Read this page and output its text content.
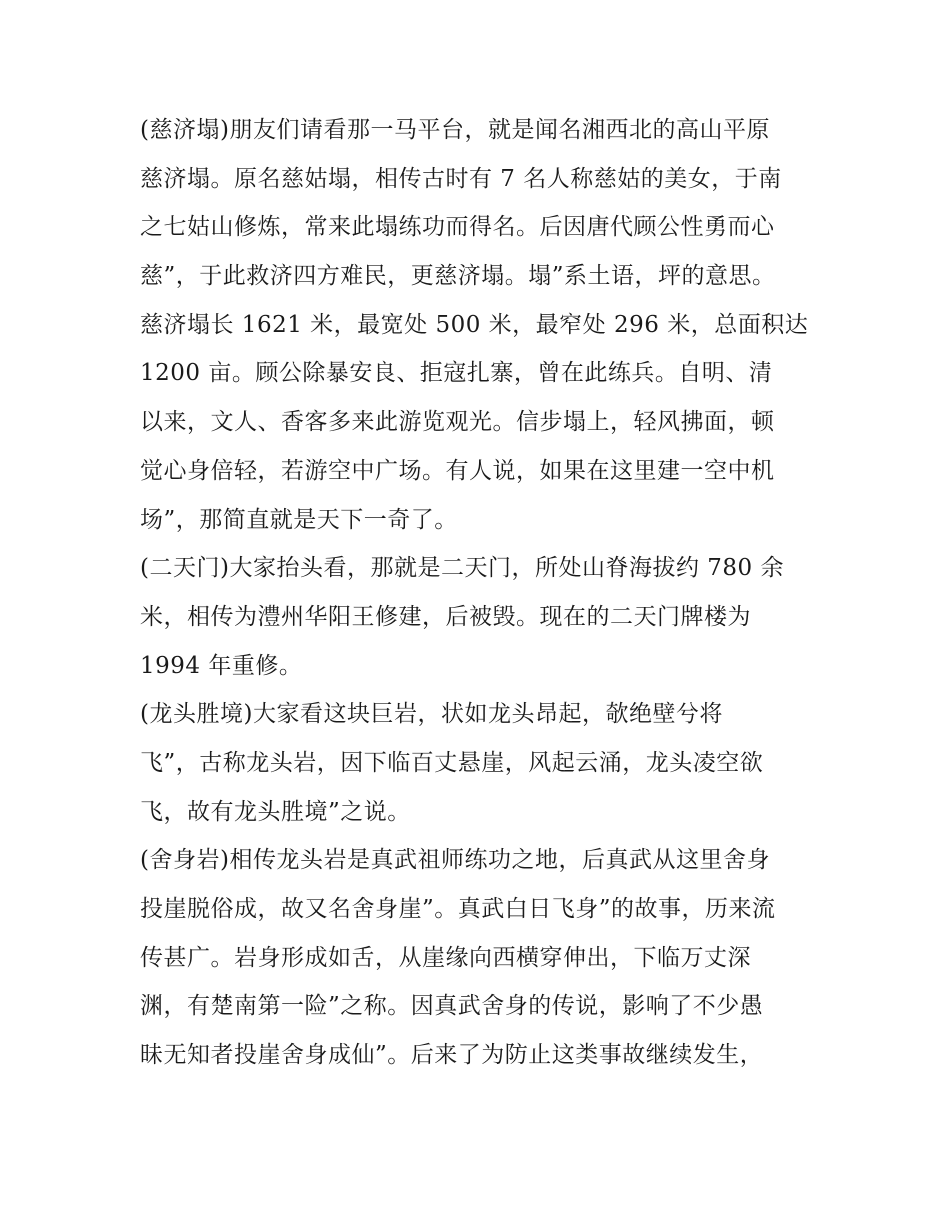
(慈济塌)朋友们请看那一马平台，就是闻名湘西北的高山平原
慈济塌。原名慈姑塌，相传古时有 7 名人称慈姑的美女，于南
之七姑山修炼，常来此塌练功而得名。后因唐代顾公性勇而心
慈”，于此救济四方难民，更慈济塌。塌”系土语，坪的意思。
慈济塌长 1621 米，最宽处 500 米，最窄处 296 米，总面积达
1200 亩。顾公除暴安良、拒寇扎寨，曾在此练兵。自明、清
以来，文人、香客多来此游览观光。信步塌上，轻风拂面，顿
觉心身倍轻，若游空中广场。有人说，如果在这里建一空中机
场”，那简直就是天下一奇了。
(二天门)大家抬头看，那就是二天门，所处山脊海拔约 780 余
米，相传为澧州华阳王修建，后被毁。现在的二天门牌楼为
1994 年重修。
(龙头胜境)大家看这块巨岩，状如龙头昂起，欹绝壁兮将
飞”，古称龙头岩，因下临百丈悬崖，风起云涌，龙头凌空欲
飞，故有龙头胜境”之说。
(舍身岩)相传龙头岩是真武祖师练功之地，后真武从这里舍身
投崖脱俗成，故又名舍身崖”。真武白日飞身”的故事，历来流
传甚广。岩身形成如舌，从崖缘向西横穿伸出，下临万丈深
渊，有楚南第一险”之称。因真武舍身的传说，影响了不少愚
昧无知者投崖舍身成仙”。后来了为防止这类事故继续发生，
